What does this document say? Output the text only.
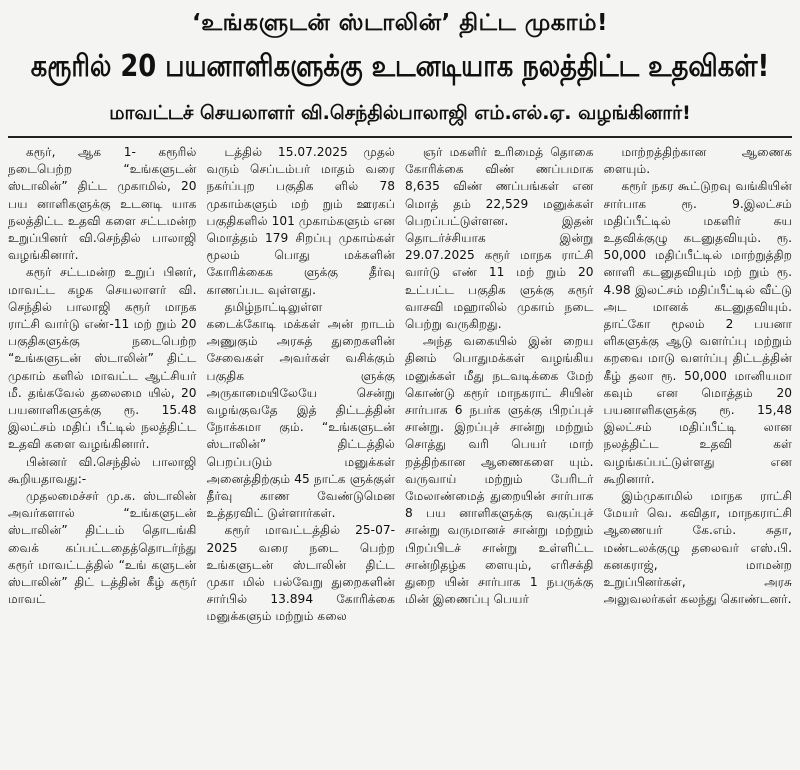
‘உங்களுடன் ஸ்டாலின்’ திட்ட முகாம்!
கரூரில் 20 பயனாளிகளுக்கு உடனடியாக நலத்திட்ட உதவிகள்!
மாவட்டச் செயலாளர் வி.செந்தில்பாலாஜி எம்.எல்.ஏ. வழங்கினார்!

கரூர், ஆக 1- கரூரில் நடைபெற்ற “உங்களுடன் ஸ்டாலின்” திட்ட முகாமில், 20 பய னாளிகளுக்கு உடனடி யாக நலத்திட்ட உதவி களை சட்டமன்ற உறுப்பினர் வி.செந்தில் பாலாஜி வழங்கினார்.

கரூர் சட்டமன்ற உறுப் பினர், மாவட்ட கழக செயலாளர் வி. செந்தில் பாலாஜி கரூர் மாநக ராட்சி வார்டு எண்-11 மற் றும் 20 பகுதிகளுக்கு நடைபெற்ற “உங்களுடன் ஸ்டாலின்” திட்ட முகாம் களில் மாவட்ட ஆட்சியர் மீ. தங்கவேல் தலைமை யில், 20 பயனாளிகளுக்கு ரூ. 15.48 இலட்சம் மதிப் பீட்டில் நலத்திட்ட உதவி களை வழங்கினார்.

பின்னர் வி.செந்தில் பாலாஜி கூறியதாவது:-

முதலமைச்சர் மு.க. ஸ்டாலின் அவர்களால் “உங்களுடன் ஸ்டாலின்” திட்டம் தொடங்கி வைக் கப்பட்டதைத்தொடர்ந்து கரூர் மாவட்டத்தில் “உங் களுடன் ஸ்டாலின்” திட் டத்தின் கீழ் கரூர் மாவட்

டத்தில் 15.07.2025 முதல் வரும் செப்டம்பர் மாதம் வரை நகர்ப்புற பகுதிக ளில் 78 முகாம்களும் மற் றும் ஊரகப் பகுதிகளில் 101 முகாம்களும் என மொத்தம் 179 சிறப்பு முகாம்கள் மூலம் பொது மக்களின் கோரிக்கைக ளுக்கு தீர்வு காணப்பட வுள்ளது.

தமிழ்நாட்டிலுள்ள கடைக்கோடி மக்கள் அன் றாடம் அணுகும் அரசுத் துறைகளின் சேவைகள் அவர்கள் வசிக்கும் பகுதிக ளுக்கு அருகாமையிலேயே சென்று வழங்குவதே இத் திட்டத்தின் நோக்கமா கும். “உங்களுடன் ஸ்டாலின்” திட்டத்தில் பெறப்படும் மனுக்கள் அனைத்திற்கும் 45 நாட்க ளுக்குள் தீர்வு காண வேண்டுமென உத்தரவிட் டுள்ளார்கள்.

கரூர் மாவட்டத்தில் 25-07-2025 வரை நடை பெற்ற உங்களுடன் ஸ்டாலின் திட்ட முகா மில் பல்வேறு துறைகளின் சார்பில் 13.894 கோரிக்கை மனுக்களும் மற்றும் கலை

ஞர் மகளிர் உரிமைத் தொகை கோரிக்கை விண் ணப்பமாக 8,635 விண் ணப்பங்கள் என மொத் தம் 22,529 மனுக்கள் பெறப்பட்டுள்ளன. இதன் தொடர்ச்சியாக இன்று 29.07.2025 கரூர் மாநக ராட்சி வார்டு எண் 11 மற் றும் 20 உட்பட்ட பகுதிக ளுக்கு கரூர் வாசவி மஹாலில் முகாம் நடை பெற்று வருகிறது.

அந்த வகையில் இன் றைய தினம் பொதுமக்கள் வழங்கிய மனுக்கள் மீது நடவடிக்கை மேற் கொண்டு கரூர் மாநகராட் சியின் சார்பாக 6 நபர்க ளுக்கு பிறப்புச் சான்று. இறப்புச் சான்று மற்றும் சொத்து வரி பெயர் மாற் றத்திற்கான ஆணைகளை யும். வருவாய் மற்றும் பேரிடர் மேலாண்மைத் துறையின் சார்பாக 8 பய னாளிகளுக்கு வகுப்புச் சான்று வருமானச் சான்று மற்றும் பிறப்பிடச் சான்று உள்ளிட்ட சான்றிதழ்க ளையும், எரிசக்தி துறை யின் சார்பாக 1 நபருக்கு மின் இணைப்பு பெயர்

மாற்றத்திற்கான ஆணைக ளையும்.

கரூர் நகர கூட்டுறவு வங்கியின் சார்பாக ரூ. 9.இலட்சம் மதிப்பீட்டில் மகளிர் சுய உதவிக்குழு கடனுதவியும். ரூ. 50,000 மதிப்பீட்டில் மாற்றுத்திற னாளி கடனுதவியும் மற் றும் ரூ. 4.98 இலட்சம் மதிப்பீட்டில் வீட்டு அட மானக் கடனுதவியும். தாட்கோ மூலம் 2 பயனா ளிகளுக்கு ஆடு வளர்ப்பு மற்றும் கறவை மாடு வளர்ப்பு திட்டத்தின் கீழ் தலா ரூ. 50,000 மானியமா கவும் என மொத்தம் 20 பயனாளிகளுக்கு ரூ. 15,48 இலட்சம் மதிப்பீட்டி லான நலத்திட்ட உதவி கள் வழங்கப்பட்டுள்ளது என கூறினார்.

இம்முகாமில் மாநக ராட்சி மேயர் வெ. கவிதா, மாநகராட்சி ஆணையர் கே.எம். சுதா, மண்டலக்குழு தலைவர் எஸ்.பி. கனகராஜ், மாமன்ற உறுப்பினர்கள், அரசு அலுவலர்கள் கலந்து கொண்டனர்.
